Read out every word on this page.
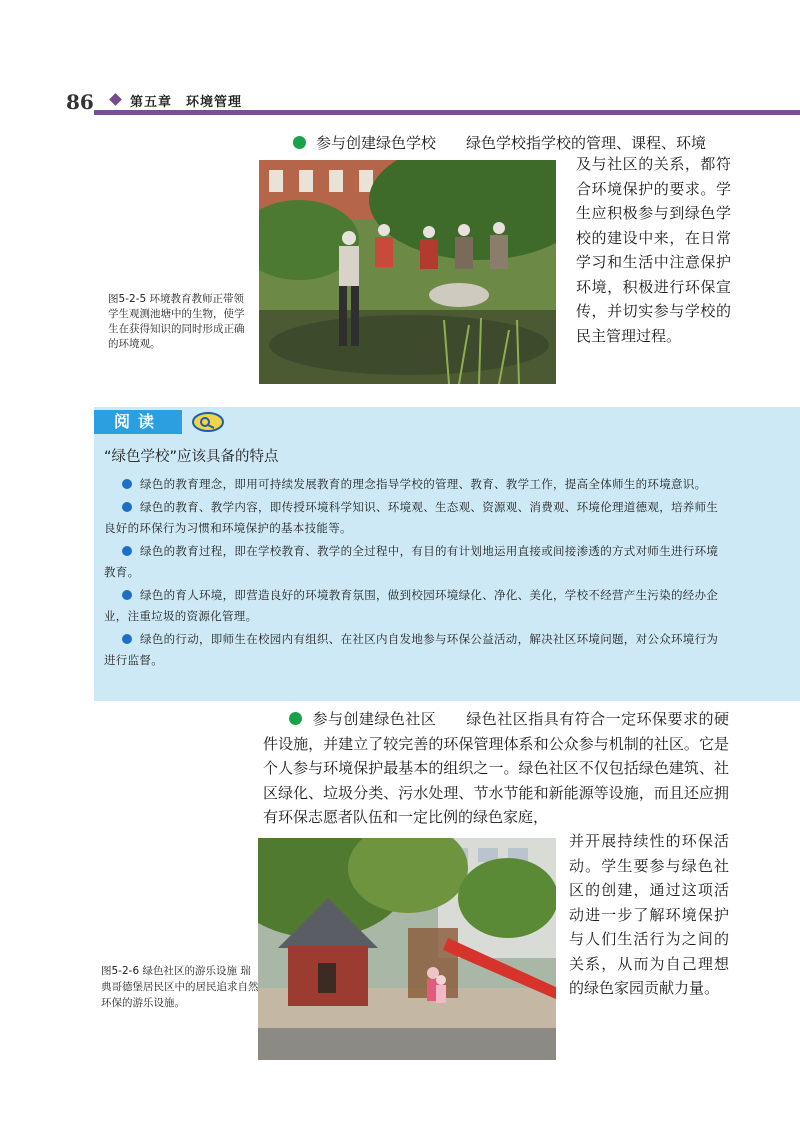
86	第五章　环境管理
参与创建绿色学校 绿色学校指学校的管理、课程、环境
及与社区的关系，都符合环境保护的要求。学生应积极参与到绿色学校的建设中来，在日常学习和生活中注意保护环境，积极进行环保宣传，并切实参与学校的民主管理过程。
图5-2-5 环境教育教师正带领学生观测池塘中的生物，使学生在获得知识的同时形成正确的环境观。
阅读
“绿色学校”应该具备的特点
绿色的教育理念，即用可持续发展教育的理念指导学校的管理、教育、教学工作，提高全体师生的环境意识。
绿色的教育、教学内容，即传授环境科学知识、环境观、生态观、资源观、消费观、环境伦理道德观，培养师生良好的环保行为习惯和环境保护的基本技能等。
绿色的教育过程，即在学校教育、教学的全过程中，有目的有计划地运用直接或间接渗透的方式对师生进行环境教育。
绿色的育人环境，即营造良好的环境教育氛围，做到校园环境绿化、净化、美化，学校不经营产生污染的经办企业，注重垃圾的资源化管理。
绿色的行动，即师生在校园内有组织、在社区内自发地参与环保公益活动，解决社区环境问题，对公众环境行为进行监督。
参与创建绿色社区 绿色社区指具有符合一定环保要求的硬件设施，并建立了较完善的环保管理体系和公众参与机制的社区。它是个人参与环境保护最基本的组织之一。绿色社区不仅包括绿色建筑、社区绿化、垃圾分类、污水处理、节水节能和新能源等设施，而且还应拥有环保志愿者队伍和一定比例的绿色家庭，
并开展持续性的环保活动。学生要参与绿色社区的创建，通过这项活动进一步了解环境保护与人们生活行为之间的关系，从而为自己理想的绿色家园贡献力量。
图5-2-6 绿色社区的游乐设施 瑞典哥德堡居民区中的居民追求自然环保的游乐设施。
